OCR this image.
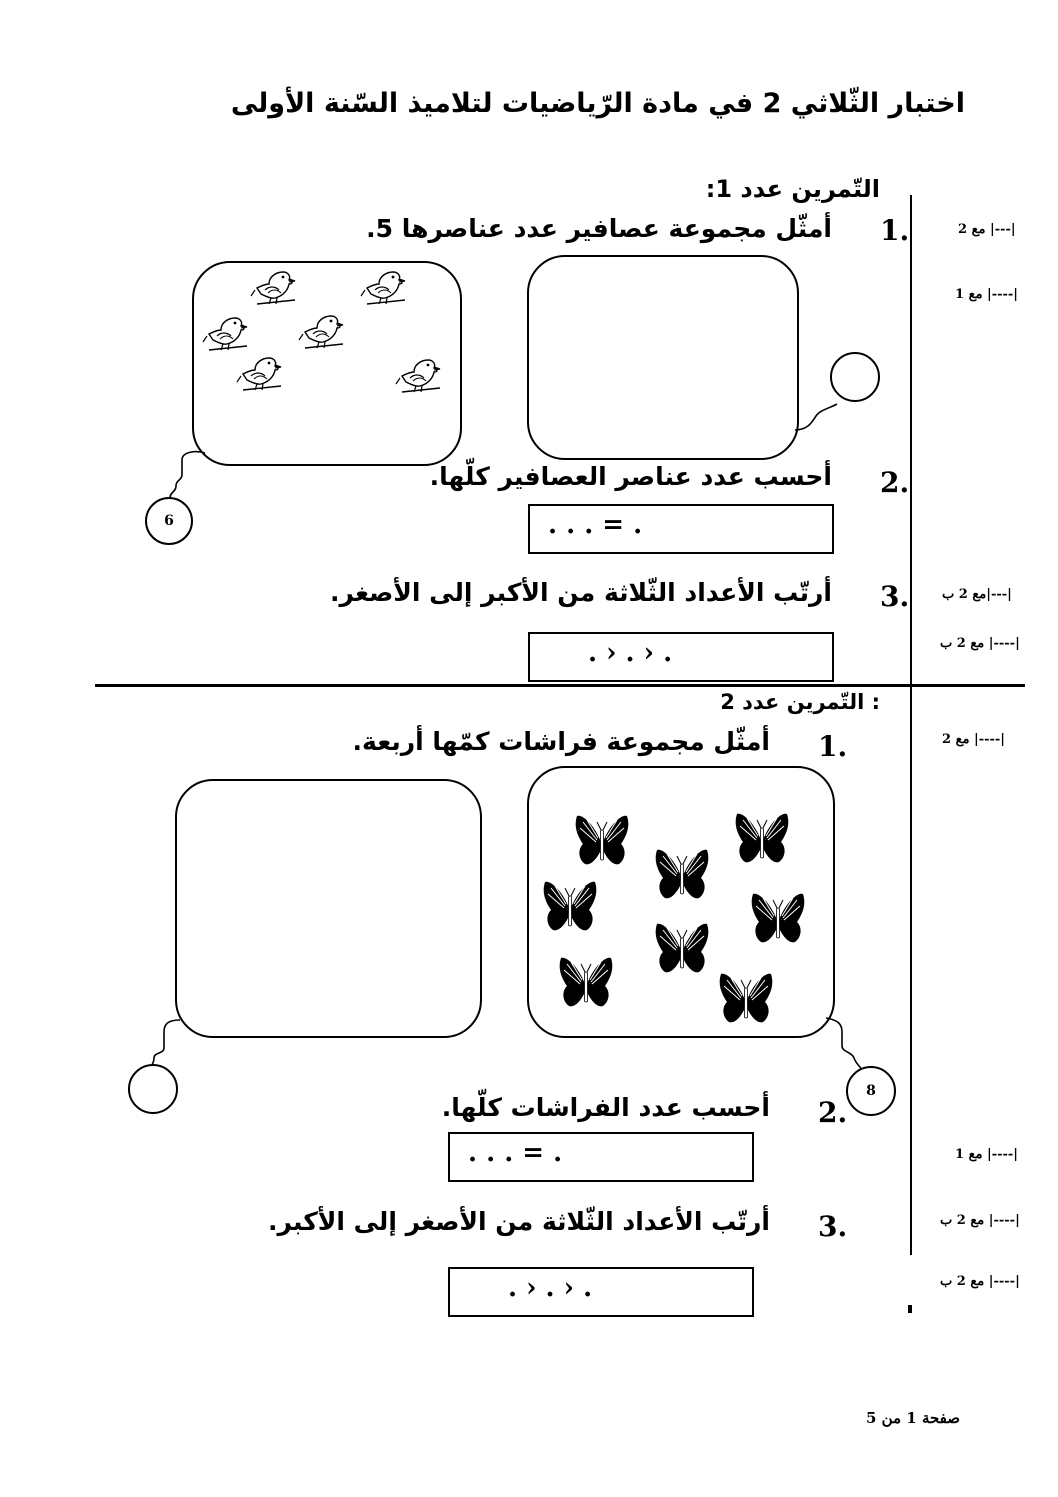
اختبار الثّلاثي 2 في مادة الرّياضيات لتلاميذ السّنة الأولى
مع 2 |---|
مع 1 |----|
مع 2 ب|---|
مع 2 ب |----|
مع 2 |----|
مع 1 |----|
مع 2 ب |----|
مع 2 ب |----|
التّمرين عدد 1:
1.
أمثّل مجموعة عصافير عدد عناصرها 5.
6
2.
أحسب عدد عناصر العصافير كلّها.
. . . = .
3.
أرتّب الأعداد الثّلاثة من الأكبر إلى الأصغر.
. › . › .
: التّمرين عدد 2
1.
أمثّل مجموعة فراشات كمّها أربعة.
8
2.
أحسب عدد الفراشات كلّها.
. . . = .
3.
أرتّب الأعداد الثّلاثة من الأصغر إلى الأكبر.
. › . › .
صفحة 1 من 5
